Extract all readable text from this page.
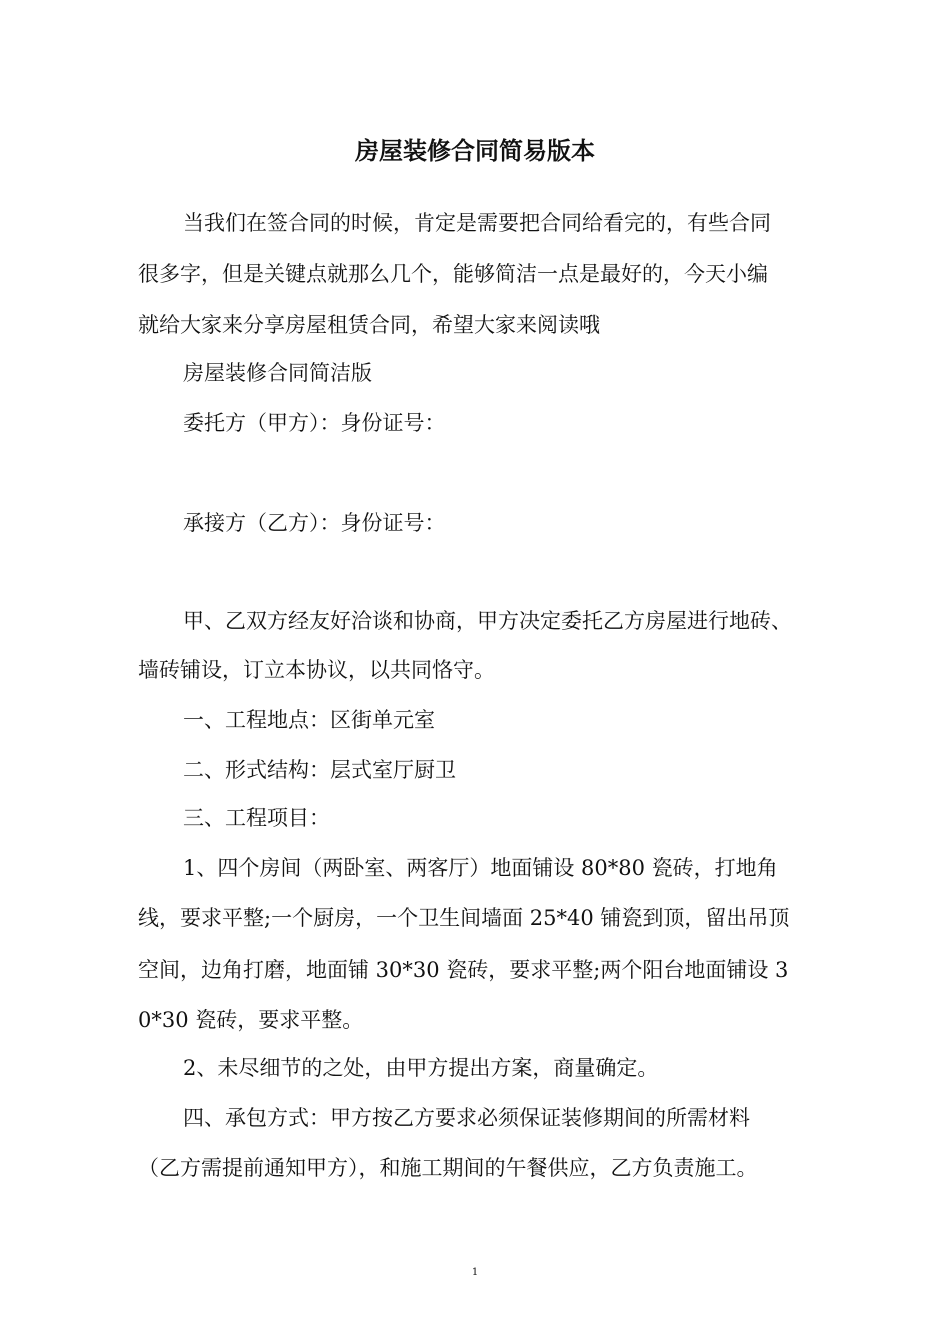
房屋装修合同简易版本
当我们在签合同的时候，肯定是需要把合同给看完的，有些合同
很多字，但是关键点就那么几个，能够简洁一点是最好的，今天小编
就给大家来分享房屋租赁合同，希望大家来阅读哦
房屋装修合同简洁版
委托方（甲方）：身份证号：
承接方（乙方）：身份证号：
甲、乙双方经友好洽谈和协商，甲方决定委托乙方房屋进行地砖、
墙砖铺设，订立本协议，以共同恪守。
一、工程地点：区街单元室
二、形式结构：层式室厅厨卫
三、工程项目：
1、四个房间（两卧室、两客厅）地面铺设 80*80 瓷砖，打地角
线，要求平整;一个厨房，一个卫生间墙面 25*40 铺瓷到顶，留出吊顶
空间，边角打磨，地面铺 30*30 瓷砖，要求平整;两个阳台地面铺设 3
0*30 瓷砖，要求平整。
2、未尽细节的之处，由甲方提出方案，商量确定。
四、承包方式：甲方按乙方要求必须保证装修期间的所需材料
（乙方需提前通知甲方），和施工期间的午餐供应，乙方负责施工。
1
